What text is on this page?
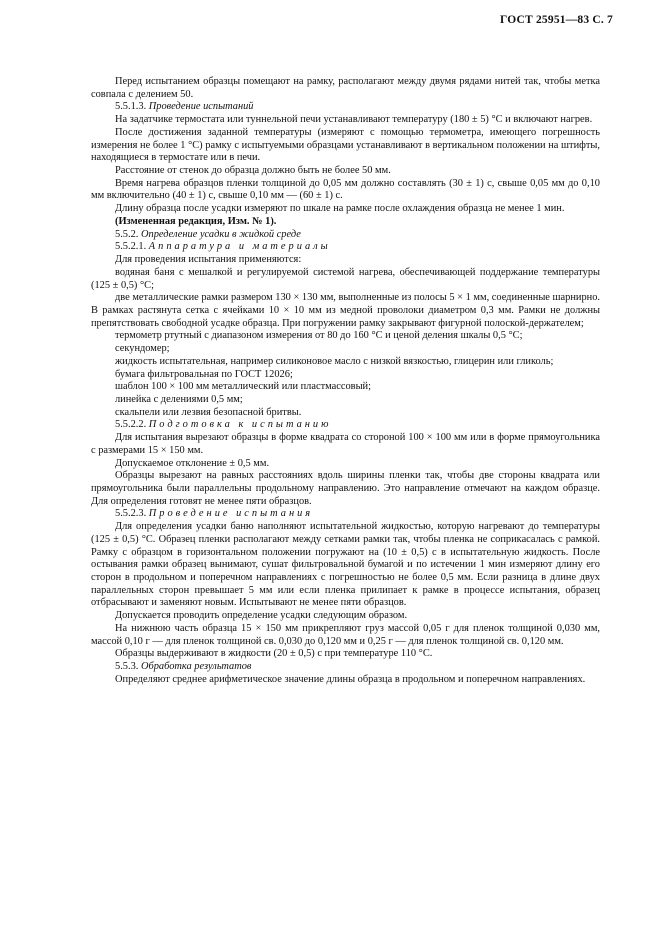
ГОСТ 25951—83 С. 7

Перед испытанием образцы помещают на рамку, располагают между двумя рядами нитей так, чтобы метка совпала с делением 50.

5.5.1.3. Проведение испытаний

На задатчике термостата или туннельной печи устанавливают температуру (180 ± 5) °С и включают нагрев.

После достижения заданной температуры (измеряют с помощью термометра, имеющего погрешность измерения не более 1 °С) рамку с испытуемыми образцами устанавливают в вертикальном положении на штифты, находящиеся в термостате или в печи.

Расстояние от стенок до образца должно быть не более 50 мм.

Время нагрева образцов пленки толщиной до 0,05 мм должно составлять (30 ± 1) с, свыше 0,05 мм до 0,10 мм включительно (40 ± 1) с, свыше 0,10 мм — (60 ± 1) с.

Длину образца после усадки измеряют по шкале на рамке после охлаждения образца не менее 1 мин.

(Измененная редакция, Изм. № 1).

5.5.2. Определение усадки в жидкой среде

5.5.2.1. Аппаратура и материалы

Для проведения испытания применяются:

водяная баня с мешалкой и регулируемой системой нагрева, обеспечивающей поддержание температуры (125 ± 0,5) °С;

две металлические рамки размером 130 × 130 мм, выполненные из полосы 5 × 1 мм, соединенные шарнирно. В рамках растянута сетка с ячейками 10 × 10 мм из медной проволоки диаметром 0,3 мм. Рамки не должны препятствовать свободной усадке образца. При погружении рамку закрывают фигурной полоской-держателем;

термометр ртутный с диапазоном измерения от 80 до 160 °С и ценой деления шкалы 0,5 °С;

секундомер;

жидкость испытательная, например силиконовое масло с низкой вязкостью, глицерин или гликоль;

бумага фильтровальная по ГОСТ 12026;

шаблон 100 × 100 мм металлический или пластмассовый;

линейка с делениями 0,5 мм;

скальпели или лезвия безопасной бритвы.

5.5.2.2. Подготовка к испытанию

Для испытания вырезают образцы в форме квадрата со стороной 100 × 100 мм или в форме прямоугольника с размерами 15 × 150 мм.

Допускаемое отклонение ± 0,5 мм.

Образцы вырезают на равных расстояниях вдоль ширины пленки так, чтобы две стороны квадрата или прямоугольника были параллельны продольному направлению. Это направление отмечают на каждом образце. Для определения готовят не менее пяти образцов.

5.5.2.3. Проведение испытания

Для определения усадки баню наполняют испытательной жидкостью, которую нагревают до температуры (125 ± 0,5) °С. Образец пленки располагают между сетками рамки так, чтобы пленка не соприкасалась с рамкой. Рамку с образцом в горизонтальном положении погружают на (10 ± 0,5) с в испытательную жидкость. После остывания рамки образец вынимают, сушат фильтровальной бумагой и по истечении 1 мин измеряют длину его сторон в продольном и поперечном направлениях с погрешностью не более 0,5 мм. Если разница в длине двух параллельных сторон превышает 5 мм или если пленка прилипает к рамке в процессе испытания, образец отбрасывают и заменяют новым. Испытывают не менее пяти образцов.

Допускается проводить определение усадки следующим образом.

На нижнюю часть образца 15 × 150 мм прикрепляют груз массой 0,05 г для пленок толщиной 0,030 мм, массой 0,10 г — для пленок толщиной св. 0,030 до 0,120 мм и 0,25 г — для пленок толщиной св. 0,120 мм.

Образцы выдерживают в жидкости (20 ± 0,5) с при температуре 110 °С.

5.5.3. Обработка результатов

Определяют среднее арифметическое значение длины образца в продольном и поперечном направлениях.
